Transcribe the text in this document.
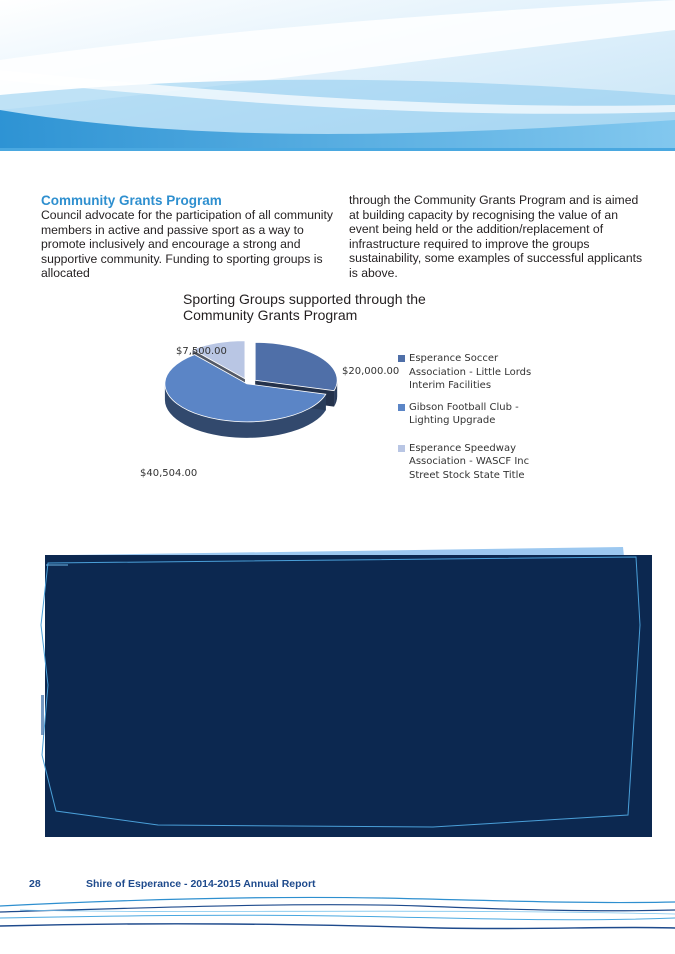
Community Grants Program
Council advocate for the participation of all community members in active and passive sport as a way to promote inclusively and encourage a strong and supportive community. Funding to sporting groups is allocated
through the Community Grants Program and is aimed at building capacity by recognising the value of an event being held or the addition/replacement of infrastructure required to improve the groups sustainability, some examples of successful applicants is above.
Sporting Groups supported through the Community Grants Program
$20,000.00
$40,504.00
$7,500.00
Esperance Soccer Association - Little Lords Interim Facilities
Gibson Football Club - Lighting Upgrade
Esperance Speedway Association - WASCF Inc Street Stock State Title
28	Shire of Esperance - 2014-2015 Annual Report
